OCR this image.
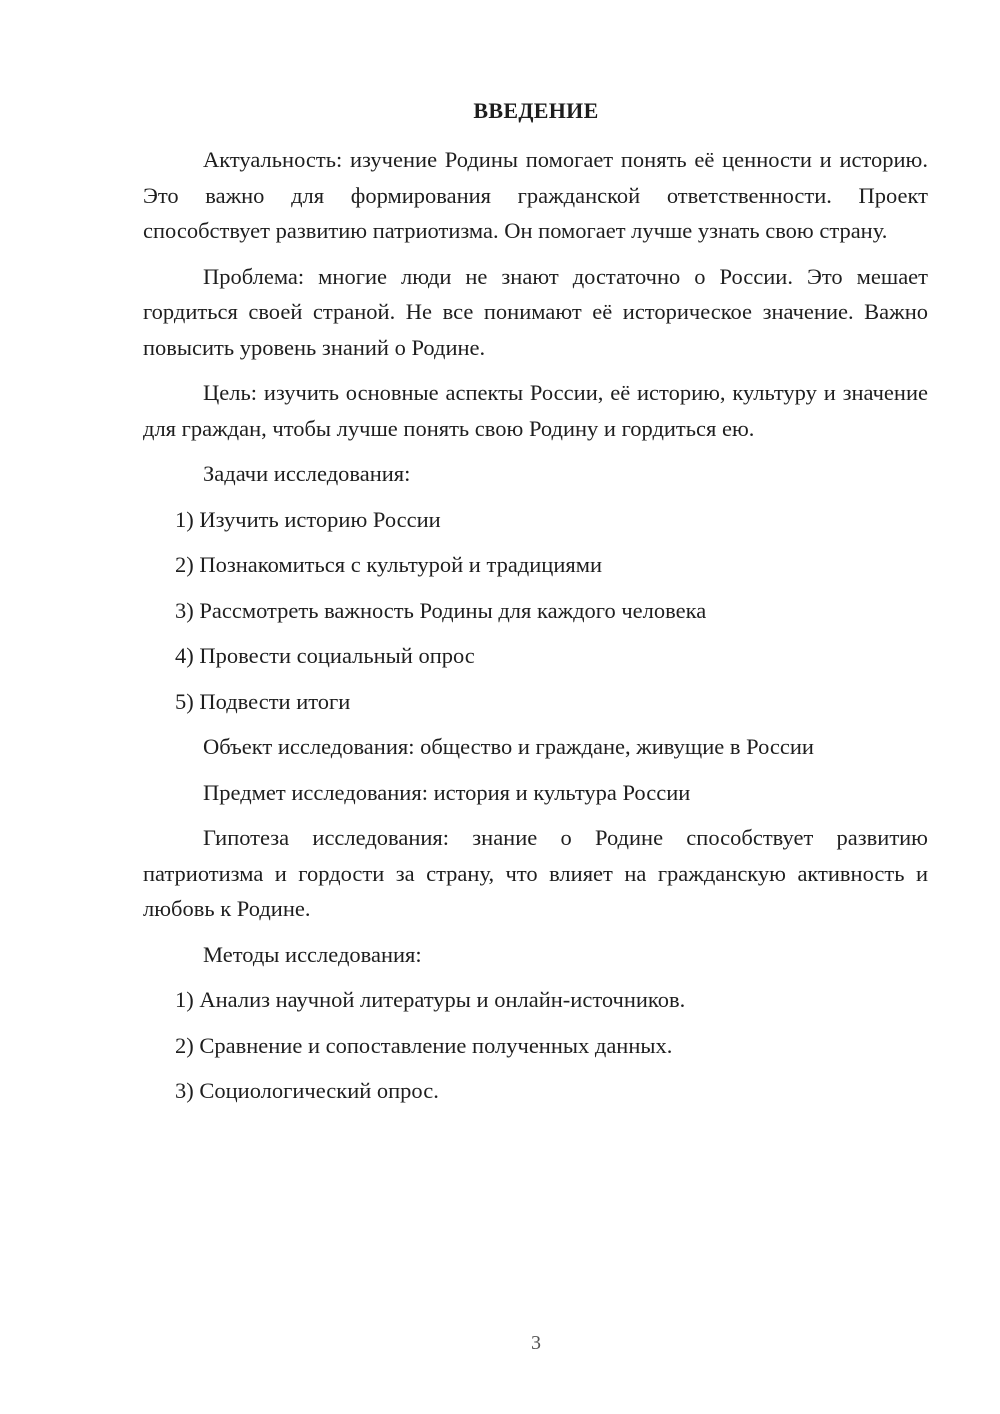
ВВЕДЕНИЕ

Актуальность: изучение Родины помогает понять её ценности и историю. Это важно для формирования гражданской ответственности. Проект способствует развитию патриотизма. Он помогает лучше узнать свою страну.

Проблема: многие люди не знают достаточно о России. Это мешает гордиться своей страной. Не все понимают её историческое значение. Важно повысить уровень знаний о Родине.

Цель: изучить основные аспекты России, её историю, культуру и значение для граждан, чтобы лучше понять свою Родину и гордиться ею.

Задачи исследования:

1) Изучить историю России

2) Познакомиться с культурой и традициями

3) Рассмотреть важность Родины для каждого человека

4) Провести социальный опрос

5) Подвести итоги

Объект исследования: общество и граждане, живущие в России

Предмет исследования: история и культура России

Гипотеза исследования: знание о Родине способствует развитию патриотизма и гордости за страну, что влияет на гражданскую активность и любовь к Родине.

Методы исследования:

1) Анализ научной литературы и онлайн-источников.

2) Сравнение и сопоставление полученных данных.

3) Социологический опрос.

3
